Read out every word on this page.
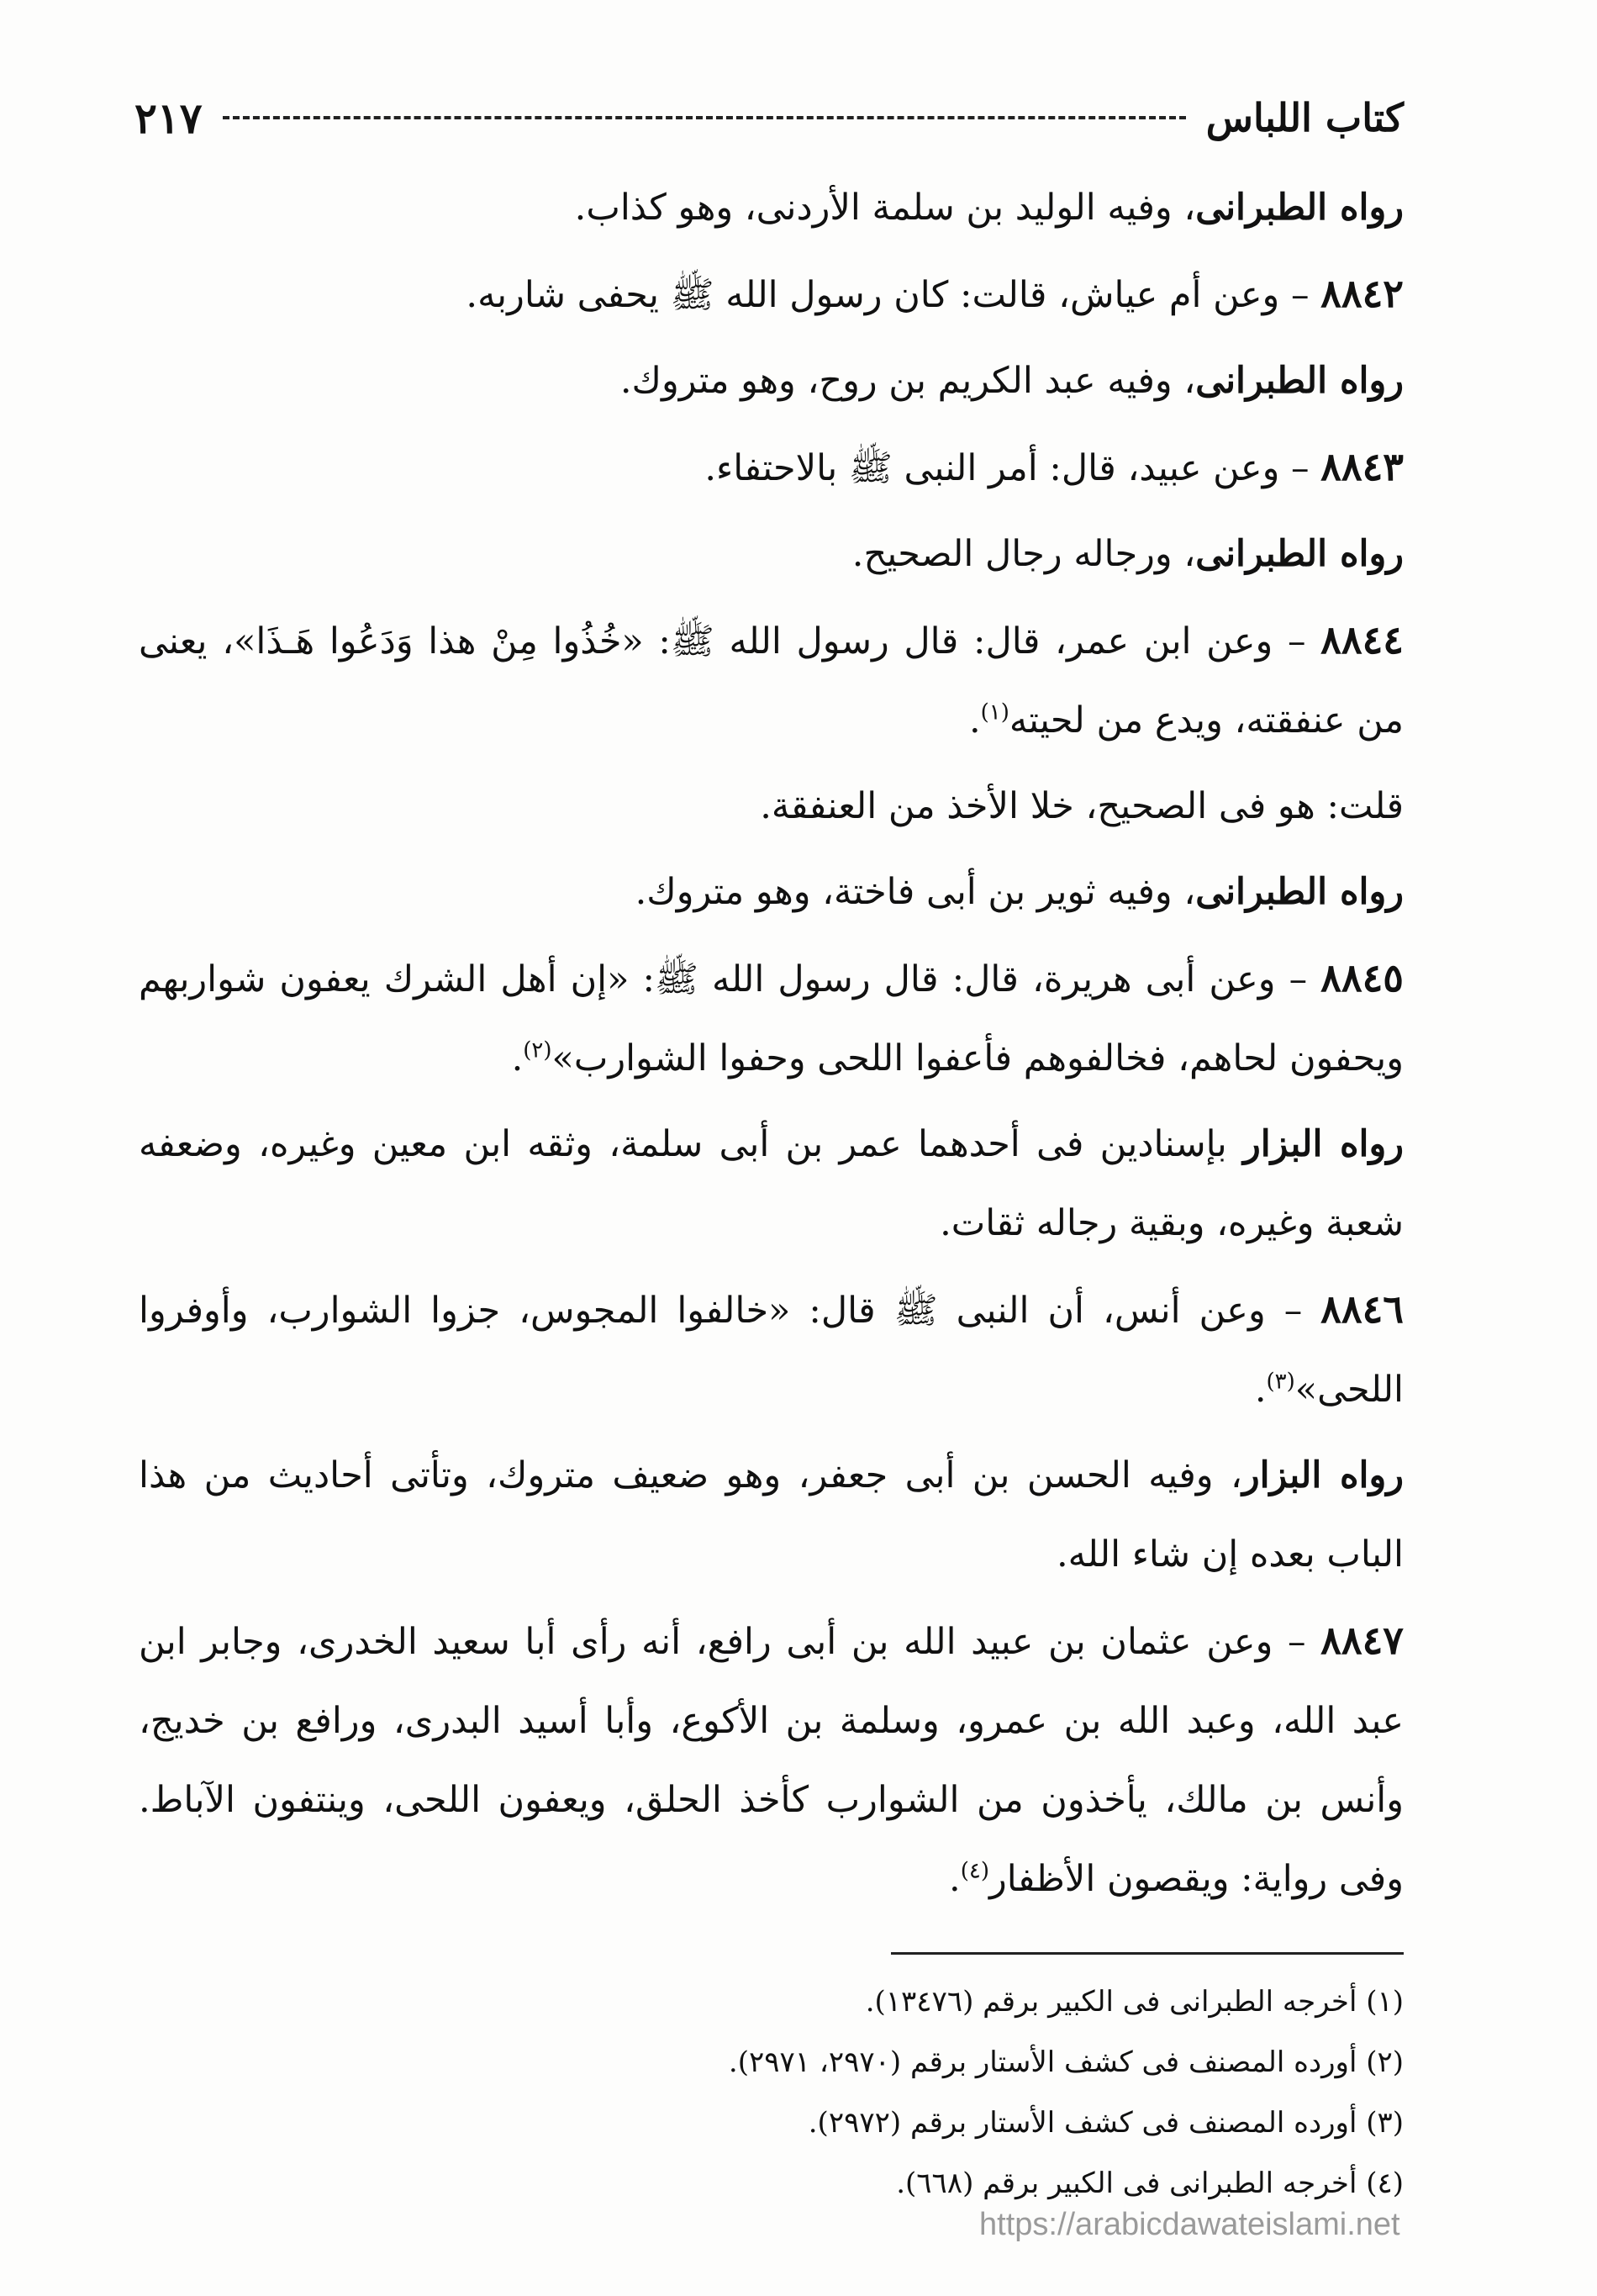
كتاب اللباس
٢١٧

رواه الطبرانى، وفيه الوليد بن سلمة الأردنى، وهو كذاب.

٨٨٤٢ – وعن أم عياش، قالت: كان رسول الله ﷺ يحفى شاربه.

رواه الطبرانى، وفيه عبد الكريم بن روح، وهو متروك.

٨٨٤٣ – وعن عبيد، قال: أمر النبى ﷺ بالاحتفاء.

رواه الطبرانى، ورجاله رجال الصحيح.

٨٨٤٤ – وعن ابن عمر، قال: قال رسول الله ﷺ: «خُذُوا مِنْ هذا وَدَعُوا هَـذَا»، يعنى من عنفقته، ويدع من لحيته$^{(١)}$.

قلت: هو فى الصحيح، خلا الأخذ من العنفقة.

رواه الطبرانى، وفيه ثوير بن أبى فاختة، وهو متروك.

٨٨٤٥ – وعن أبى هريرة، قال: قال رسول الله ﷺ: «إن أهل الشرك يعفون شواربهم ويحفون لحاهم، فخالفوهم فأعفوا اللحى وحفوا الشوارب»$^{(٢)}$.

رواه البزار بإسنادين فى أحدهما عمر بن أبى سلمة، وثقه ابن معين وغيره، وضعفه شعبة وغيره، وبقية رجاله ثقات.

٨٨٤٦ – وعن أنس، أن النبى ﷺ قال: «خالفوا المجوس، جزوا الشوارب، وأوفروا اللحى»$^{(٣)}$.

رواه البزار، وفيه الحسن بن أبى جعفر، وهو ضعيف متروك، وتأتى أحاديث من هذا الباب بعده إن شاء الله.

٨٨٤٧ – وعن عثمان بن عبيد الله بن أبى رافع، أنه رأى أبا سعيد الخدرى، وجابر ابن عبد الله، وعبد الله بن عمرو، وسلمة بن الأكوع، وأبا أسيد البدرى، ورافع بن خديج، وأنس بن مالك، يأخذون من الشوارب كأخذ الحلق، ويعفون اللحى، وينتفون الآباط. وفى رواية: ويقصون الأظفار$^{(٤)}$.

(١) أخرجه الطبرانى فى الكبير برقم (١٣٤٧٦).

(٢) أورده المصنف فى كشف الأستار برقم (٢٩٧٠، ٢٩٧١).

(٣) أورده المصنف فى كشف الأستار برقم (٢٩٧٢).

(٤) أخرجه الطبرانى فى الكبير برقم (٦٦٨).

https://arabicdawateislami.net
